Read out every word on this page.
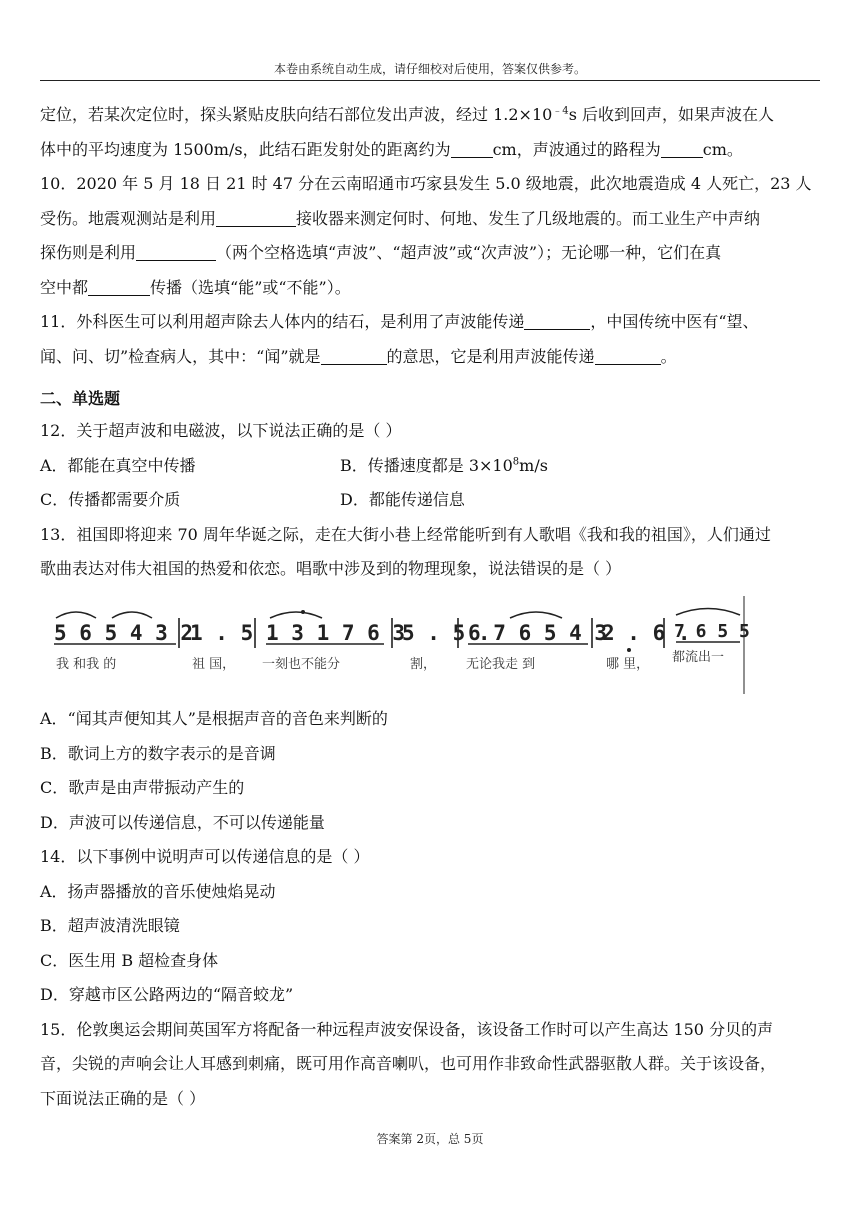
本卷由系统自动生成，请仔细校对后使用，答案仅供参考。
定位，若某次定位时，探头紧贴皮肤向结石部位发出声波，经过 $1.2\times 10^{﹣4}s$ 后收到回声，如果声波在人
体中的平均速度为 1500m/s，此结石距发射处的距离约为	cm，声波通过的路程为	cm。
10．2020 年 5 月 18 日 21 时 47 分在云南昭通市巧家县发生 5.0 级地震，此次地震造成 4 人死亡，23 人
受伤。地震观测站是利用	接收器来测定何时、何地、发生了几级地震的。而工业生产中声纳
探伤则是利用	（两个空格选填“声波”、“超声波”或“次声波”）；无论哪一种，它们在真
空中都	传播（选填“能”或“不能”）。
11．外科医生可以利用超声除去人体内的结石，是利用了声波能传递	，中国传统中医有“望、
闻、问、切”检查病人，其中：“闻”就是	的意思，它是利用声波能传递	。
二、单选题
12．关于超声波和电磁波，以下说法正确的是（ ）
A．都能在真空中传播	B．传播速度都是 $3\times 10^8m/s$
C．传播都需要介质	D．都能传递信息
13．祖国即将迎来 70 周年华诞之际，走在大街小巷上经常能听到有人歌唱《我和我的祖国》，人们通过
歌曲表达对伟大祖国的热爱和依恋。唱歌中涉及到的物理现象，说法错误的是（ ）
5 6 5 4 3 2
1 . 5 .
1 3 1 7 6 3
5 . 5 .
6 7 6 5 4 3
2 . 6 .
7 6 5 5
我 和我 的	祖 国， 一刻也不能分	割， 无论我走 到	哪 里， 都流出一
A．“闻其声便知其人”是根据声音的音色来判断的
B．歌词上方的数字表示的是音调
C．歌声是由声带振动产生的
D．声波可以传递信息，不可以传递能量
14．以下事例中说明声可以传递信息的是（ ）
A．扬声器播放的音乐使烛焰晃动
B．超声波清洗眼镜
C．医生用 B 超检查身体
D．穿越市区公路两边的“隔音蛟龙”
15．伦敦奥运会期间英国军方将配备一种远程声波安保设备，该设备工作时可以产生高达 150 分贝的声
音，尖锐的声响会让人耳感到刺痛，既可用作高音喇叭，也可用作非致命性武器驱散人群。关于该设备，
下面说法正确的是（ ）
答案第 2页，总 5页
